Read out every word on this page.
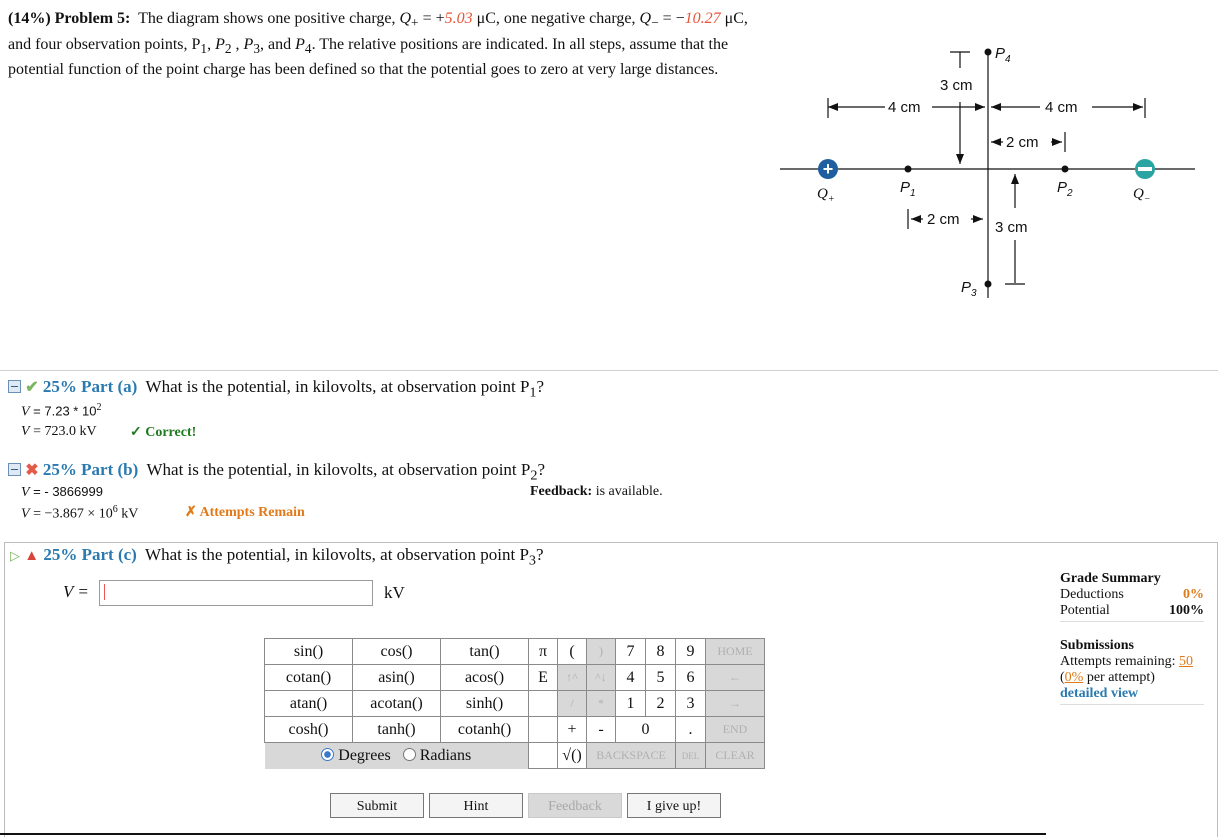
(14%) Problem 5: The diagram shows one positive charge, $Q_+ = +5.03$ μC, one negative charge, $Q_- = -10.27$ μC, and four observation points, $P_1$, $P_2$ , $P_3$, and $P_4$. The relative positions are indicated. In all steps, assume that the potential function of the point charge has been defined so that the potential goes to zero at very large distances.
+
$P_4$
3 cm
4 cm	4 cm
2 cm
$P_1$	$P_2$
$Q_+$	$Q_-$
2 cm 3 cm
$P_3$
✔ 25% Part (a) What is the potential, in kilovolts, at observation point $P_1$?
$V = 7.23 * 10^2$
V = 723.0 kV ✓ Correct!
✖ 25% Part (b) What is the potential, in kilovolts, at observation point $P_2$?
V = - 3866999	Feedback: is available.
$V = -3.867 \times 10^6$ kV	✗ Attempts Remain
▷ ▲ 25% Part (c) What is the potential, in kilovolts, at observation point $P_3$?
V =	kV
sin()	cos()	tan()	π	(	)	7	8	9	HOME
cotan()	asin()	acos()	E	↑^	^↓	4	5	6	←
atan()	acotan()	sinh()		/	*	1	2	3	→
cosh()	tanh()	cotanh()		+	-	0		.	END
Degrees Radians				√()	BACKSPACE			DEL	CLEAR
Submit	Hint	Feedback	I give up!
Grade Summary
Deductions	0%
Potential	100%
Submissions
Attempts remaining: 50
(0% per attempt)
detailed view
